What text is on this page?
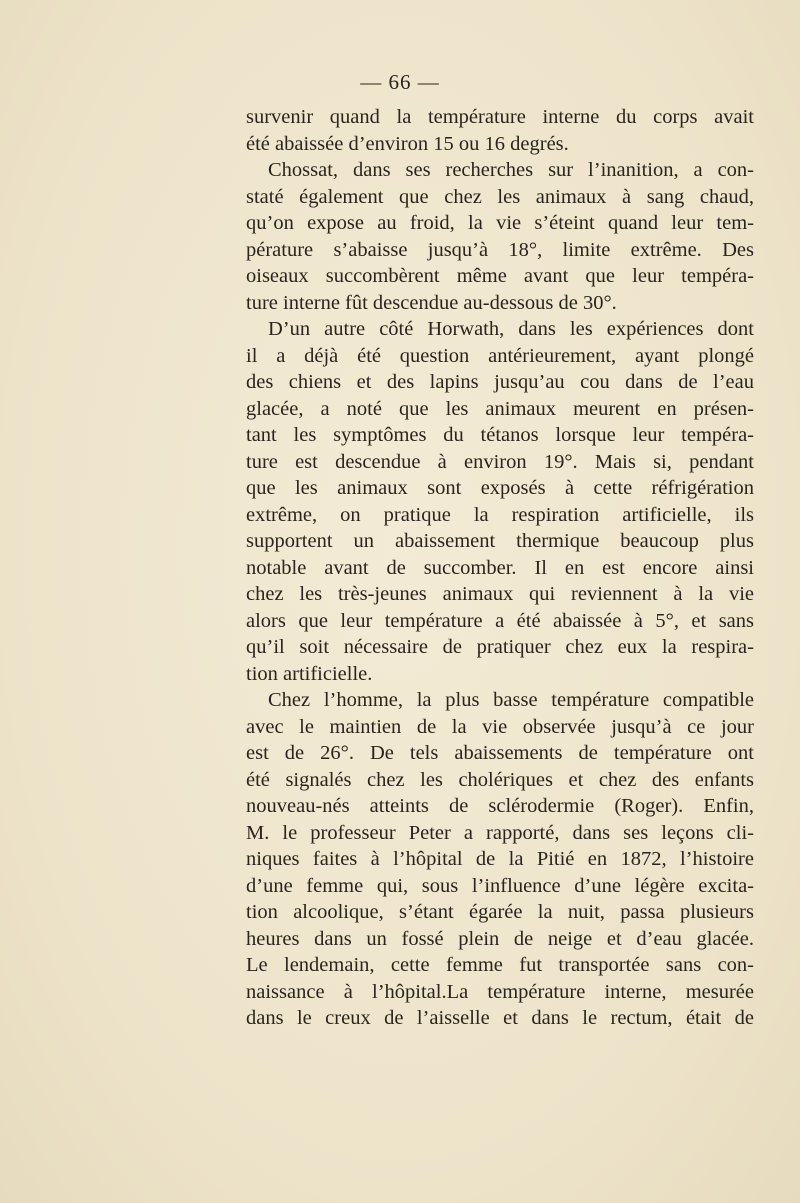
— 66 —
survenir quand la température interne du corps avait
été abaissée d’environ 15 ou 16 degrés.
Chossat, dans ses recherches sur l’inanition, a con-
staté également que chez les animaux à sang chaud,
qu’on expose au froid, la vie s’éteint quand leur tem-
pérature s’abaisse jusqu’à 18°, limite extrême. Des
oiseaux succombèrent même avant que leur tempéra-
ture interne fût descendue au-dessous de 30°.
D’un autre côté Horwath, dans les expériences dont
il a déjà été question antérieurement, ayant plongé
des chiens et des lapins jusqu’au cou dans de l’eau
glacée, a noté que les animaux meurent en présen-
tant les symptômes du tétanos lorsque leur tempéra-
ture est descendue à environ 19°. Mais si, pendant
que les animaux sont exposés à cette réfrigération
extrême, on pratique la respiration artificielle, ils
supportent un abaissement thermique beaucoup plus
notable avant de succomber. Il en est encore ainsi
chez les très-jeunes animaux qui reviennent à la vie
alors que leur température a été abaissée à 5°, et sans
qu’il soit nécessaire de pratiquer chez eux la respira-
tion artificielle.
Chez l’homme, la plus basse température compatible
avec le maintien de la vie observée jusqu’à ce jour
est de 26°. De tels abaissements de température ont
été signalés chez les cholériques et chez des enfants
nouveau-nés atteints de sclérodermie (Roger). Enfin,
M. le professeur Peter a rapporté, dans ses leçons cli-
niques faites à l’hôpital de la Pitié en 1872, l’histoire
d’une femme qui, sous l’influence d’une légère excita-
tion alcoolique, s’étant égarée la nuit, passa plusieurs
heures dans un fossé plein de neige et d’eau glacée.
Le lendemain, cette femme fut transportée sans con-
naissance à l’hôpital.La température interne, mesurée
dans le creux de l’aisselle et dans le rectum, était de
